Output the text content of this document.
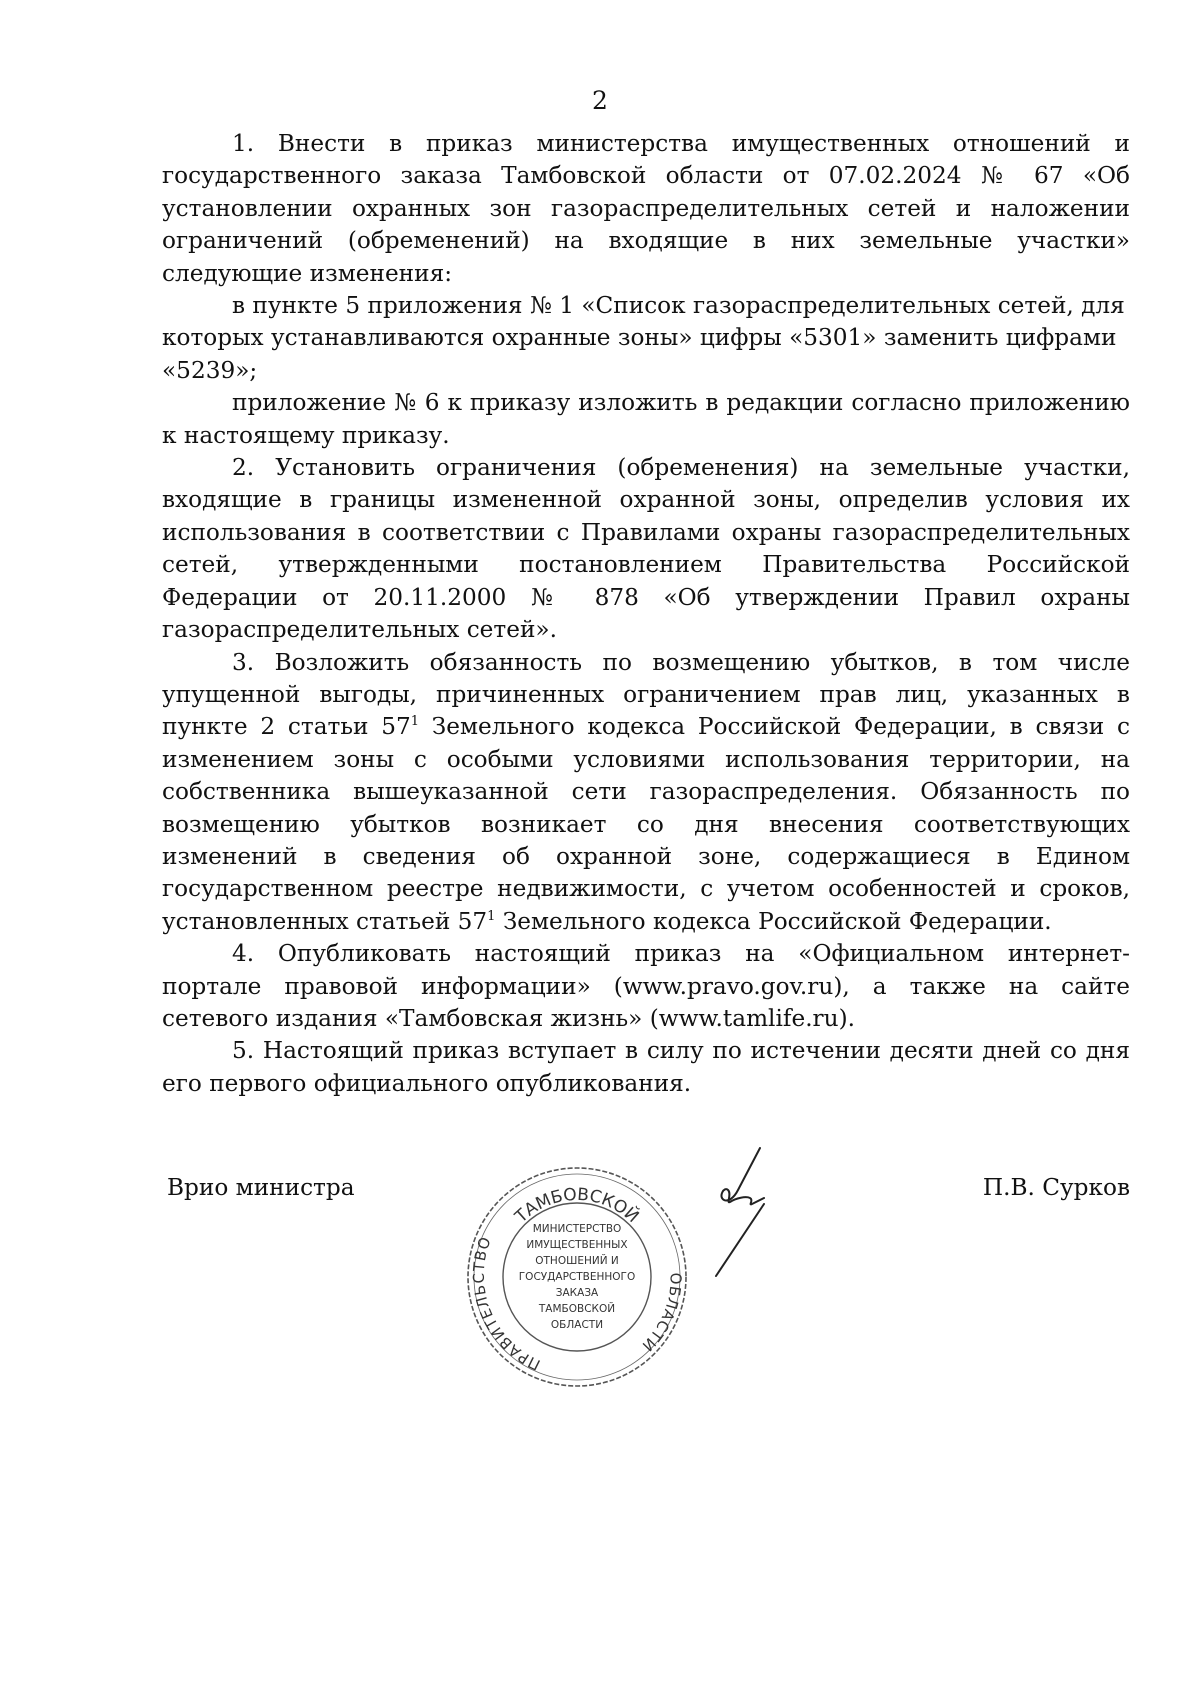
2

1. Внести в приказ министерства имущественных отношений и государственного заказа Тамбовской области от 07.02.2024 № 67 «Об установлении охранных зон газораспределительных сетей и наложении ограничений (обременений) на входящие в них земельные участки» следующие изменения:

в пункте 5 приложения № 1 «Список газораспределительных сетей, для которых устанавливаются охранные зоны» цифры «5301» заменить цифрами «5239»;

приложение № 6 к приказу изложить в редакции согласно приложению к настоящему приказу.

2. Установить ограничения (обременения) на земельные участки, входящие в границы измененной охранной зоны, определив условия их использования в соответствии с Правилами охраны газораспределительных сетей, утвержденными постановлением Правительства Российской Федерации от 20.11.2000 № 878 «Об утверждении Правил охраны газораспределительных сетей».

3. Возложить обязанность по возмещению убытков, в том числе упущенной выгоды, причиненных ограничением прав лиц, указанных в пункте 2 статьи $57^1$ Земельного кодекса Российской Федерации, в связи с изменением зоны с особыми условиями использования территории, на собственника вышеуказанной сети газораспределения. Обязанность по возмещению убытков возникает со дня внесения соответствующих изменений в сведения об охранной зоне, содержащиеся в Едином государственном реестре недвижимости, с учетом особенностей и сроков, установленных статьей $57^1$ Земельного кодекса Российской Федерации.

4. Опубликовать настоящий приказ на «Официальном интернет-портале правовой информации» (www.pravo.gov.ru), а также на сайте сетевого издания «Тамбовская жизнь» (www.tamlife.ru).

5. Настоящий приказ вступает в силу по истечении десяти дней со дня его первого официального опубликования.

Врио министра
ТАМБОВСКОЙ
ПРАВИТЕЛЬСТВО
ОБЛАСТИ
МИНИСТЕРСТВО
ИМУЩЕСТВЕННЫХ
ОТНОШЕНИЙ И
ГОСУДАРСТВЕННОГО
ЗАКАЗА
ТАМБОВСКОЙ
ОБЛАСТИ
П.В. Сурков
